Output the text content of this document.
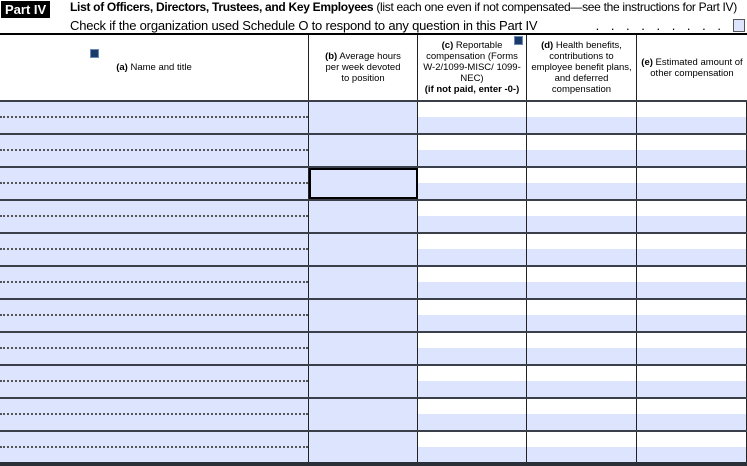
Part IV	List of Officers, Directors, Trustees, and Key Employees (list each one even if not compensated—see the instructions for Part IV)
Check if the organization used Schedule O to respond to any question in this Part IV	. . . . . . . . .
(a) Name and title
(b) Average hours per week devoted to position
(c) Reportable compensation (Forms W-2/1099-MISC/ 1099-NEC)
(if not paid, enter -0-)
(d) Health benefits, contributions to employee benefit plans, and deferred compensation
(e) Estimated amount of other compensation
